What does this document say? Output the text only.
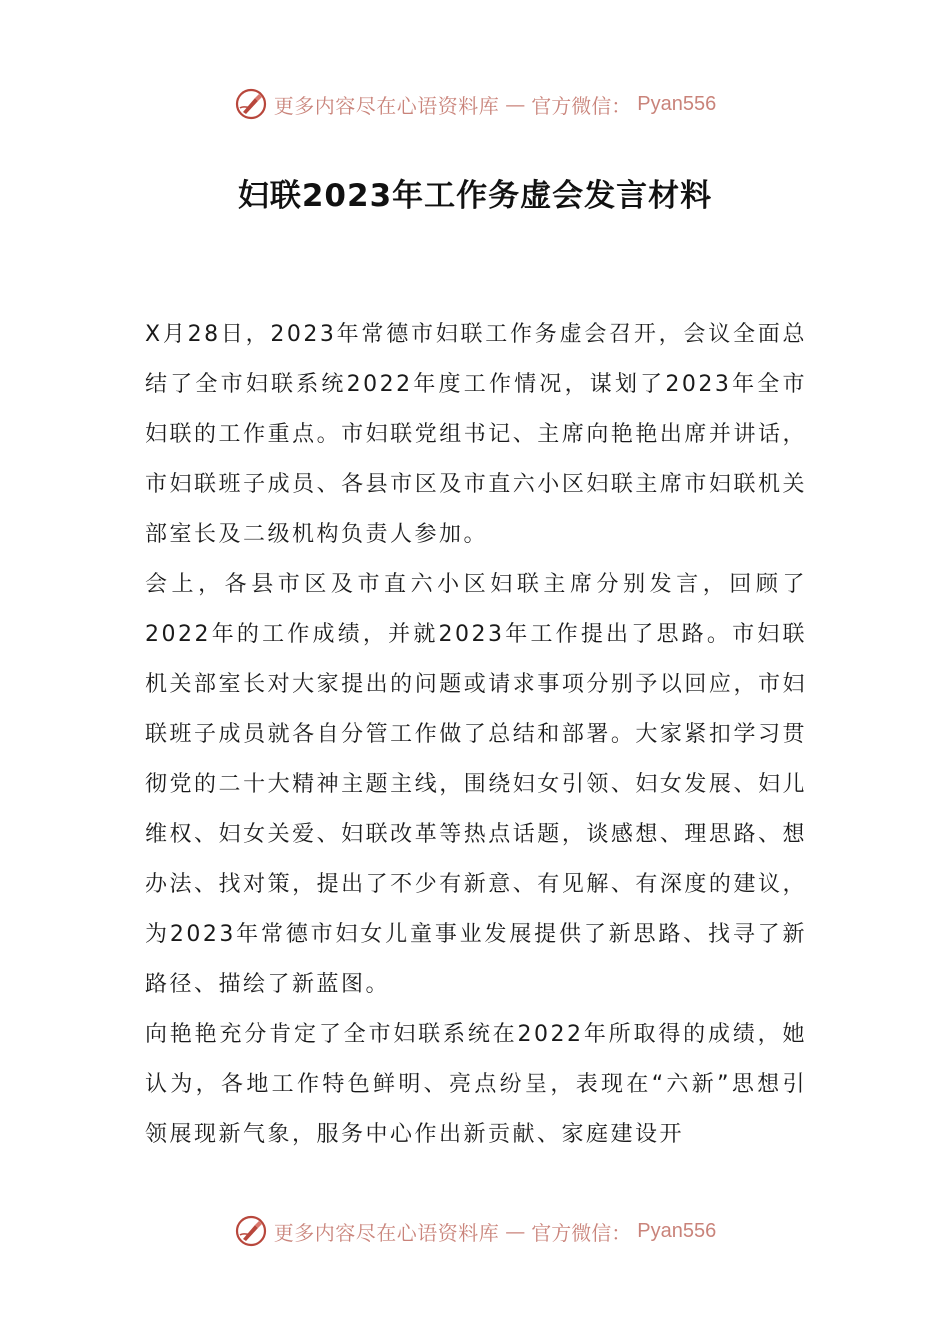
更多内容尽在心语资料库 — 官方微信： Pyan556
妇联2023年工作务虚会发言材料

X月28日，2023年常德市妇联工作务虚会召开，会议全面总结了全市妇联系统2022年度工作情况，谋划了2023年全市妇联的工作重点。市妇联党组书记、主席向艳艳出席并讲话，市妇联班子成员、各县市区及市直六小区妇联主席市妇联机关部室长及二级机构负责人参加。

会上，各县市区及市直六小区妇联主席分别发言，回顾了2022年的工作成绩，并就2023年工作提出了思路。市妇联机关部室长对大家提出的问题或请求事项分别予以回应，市妇联班子成员就各自分管工作做了总结和部署。大家紧扣学习贯彻党的二十大精神主题主线，围绕妇女引领、妇女发展、妇儿维权、妇女关爱、妇联改革等热点话题，谈感想、理思路、想办法、找对策，提出了不少有新意、有见解、有深度的建议，为2023年常德市妇女儿童事业发展提供了新思路、找寻了新路径、描绘了新蓝图。

向艳艳充分肯定了全市妇联系统在2022年所取得的成绩，她认为，各地工作特色鲜明、亮点纷呈，表现在“六新”思想引领展现新气象，服务中心作出新贡献、家庭建设开

更多内容尽在心语资料库 — 官方微信： Pyan556
